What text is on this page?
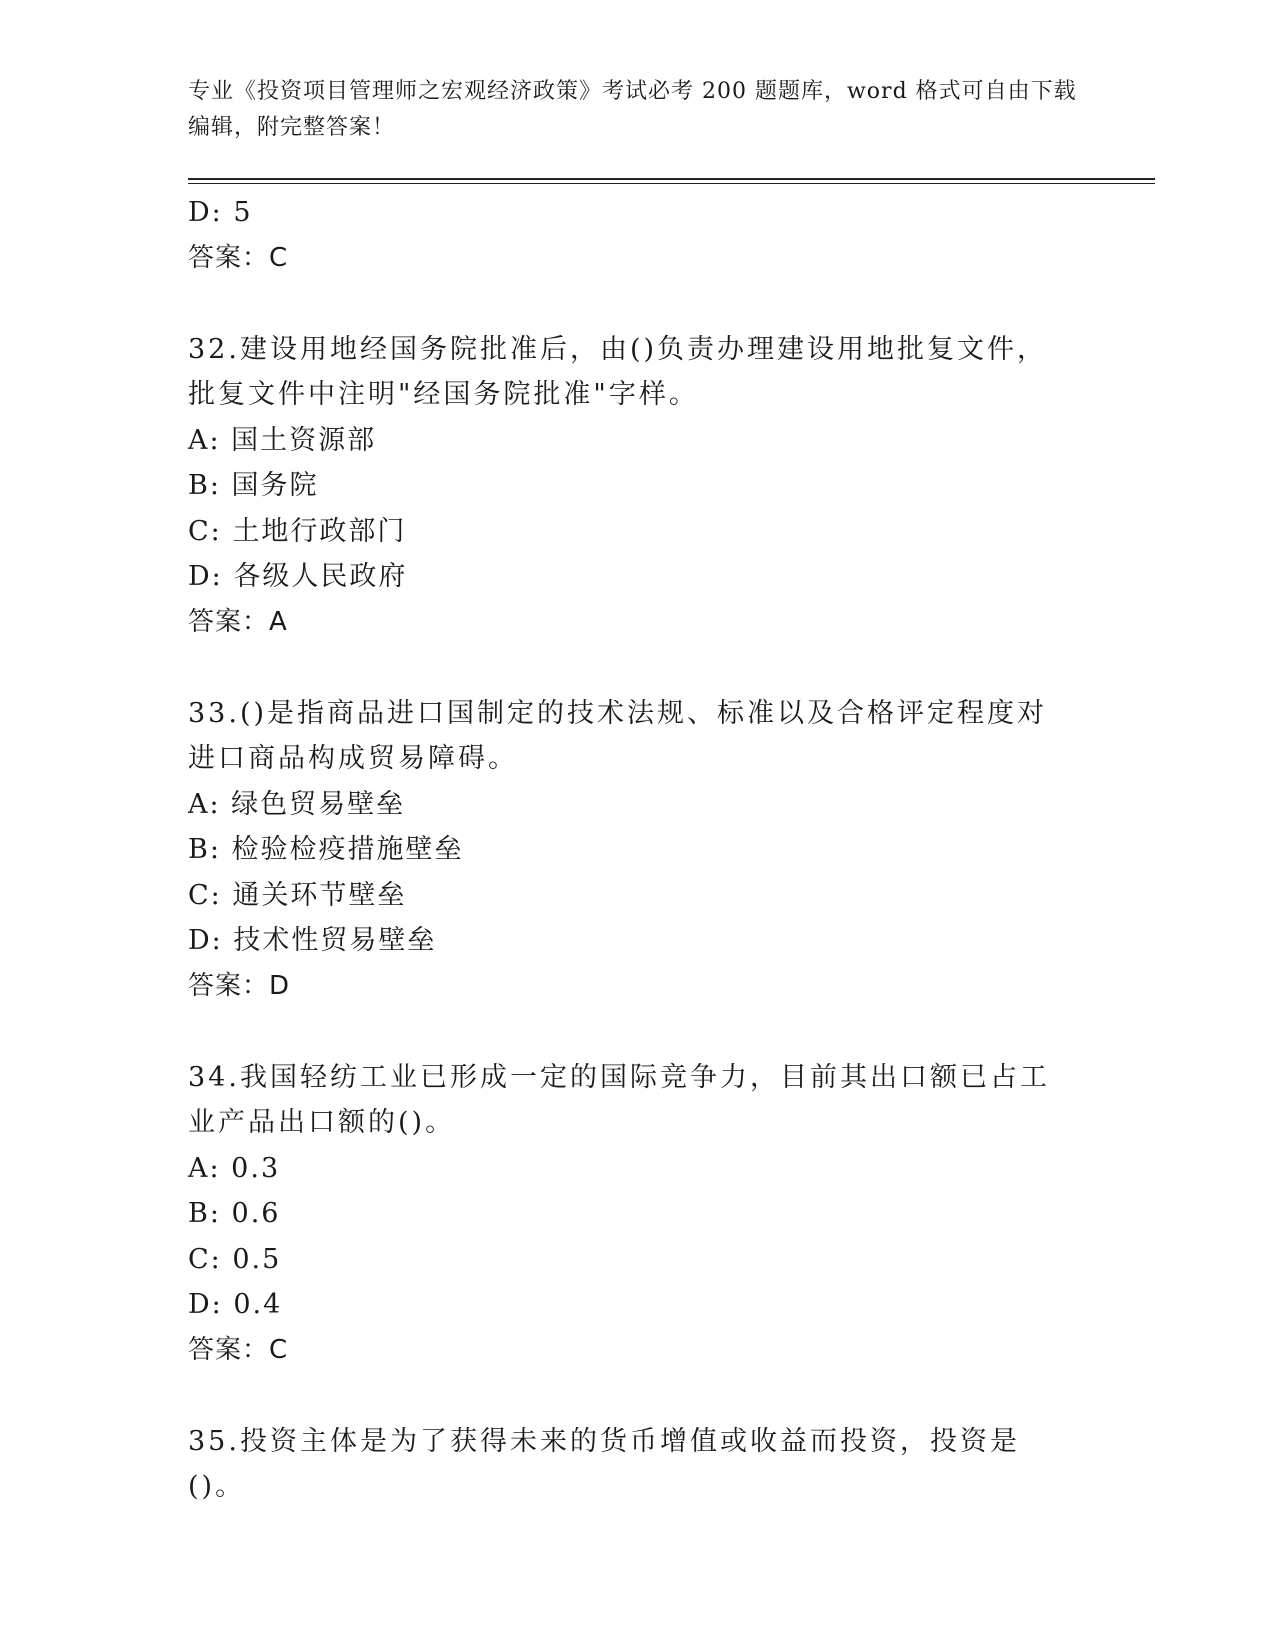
专业《投资项目管理师之宏观经济政策》考试必考 200 题题库，word 格式可自由下载编辑，附完整答案！
D: 5
答案：C
32.建设用地经国务院批准后，由()负责办理建设用地批复文件，批复文件中注明"经国务院批准"字样。
A: 国土资源部
B: 国务院
C: 土地行政部门
D: 各级人民政府
答案：A
33.()是指商品进口国制定的技术法规、标准以及合格评定程度对进口商品构成贸易障碍。
A: 绿色贸易壁垒
B: 检验检疫措施壁垒
C: 通关环节壁垒
D: 技术性贸易壁垒
答案：D
34.我国轻纺工业已形成一定的国际竞争力，目前其出口额已占工业产品出口额的()。
A: 0.3
B: 0.6
C: 0.5
D: 0.4
答案：C
35.投资主体是为了获得未来的货币增值或收益而投资，投资是()。
